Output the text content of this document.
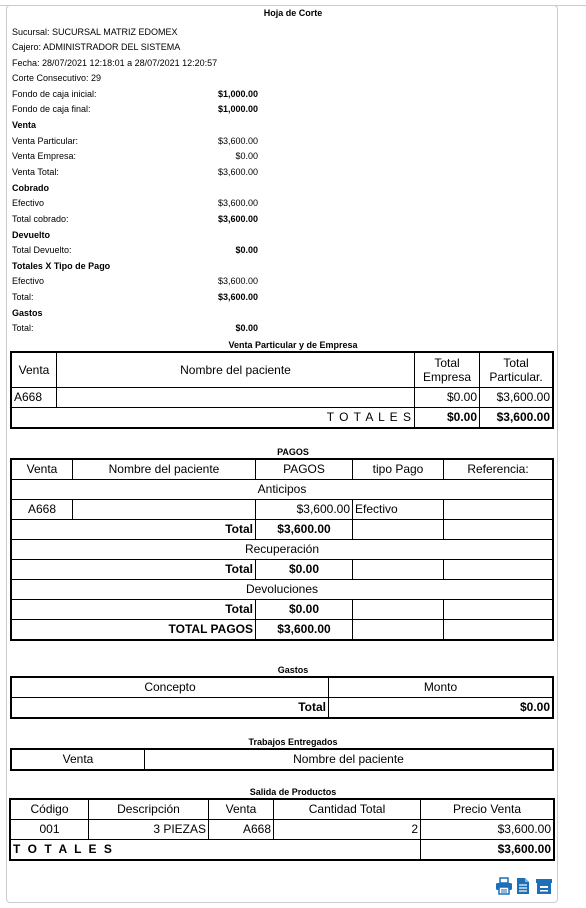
Hoja de Corte
Sucursal: SUCURSAL MATRIZ EDOMEX
Cajero: ADMINISTRADOR DEL SISTEMA
Fecha: 28/07/2021 12:18:01 a 28/07/2021 12:20:57
Corte Consecutivo: 29
Fondo de caja inicial:	$1,000.00
Fondo de caja final:	$1,000.00
Venta
Venta Particular:	$3,600.00
Venta Empresa:	$0.00
Venta Total:	$3,600.00
Cobrado
Efectivo	$3,600.00
Total cobrado:	$3,600.00
Devuelto
Total Devuelto:	$0.00
Totales X Tipo de Pago
Efectivo	$3,600.00
Total:	$3,600.00
Gastos
Total:	$0.00
Venta Particular y de Empresa
Venta	Nombre del paciente	Total Empresa	Total Particular.
A668		$0.00	$3,600.00
T O T A L E S		$0.00	$3,600.00
PAGOS
Venta	Nombre del paciente	PAGOS	tipo Pago	Referencia:
Anticipos				
A668		$3,600.00	Efectivo	
Total		$3,600.00		
Recuperación				
Total		$0.00		
Devoluciones				
Total		$0.00		
TOTAL PAGOS		$3,600.00		
Gastos
Concepto	Monto
Total	$0.00
Trabajos Entregados
Venta	Nombre del paciente
Salida de Productos
Código	Descripción	Venta	Cantidad Total	Precio Venta
001	3 PIEZAS	A668	2	$3,600.00
T O T A L E S				$3,600.00
